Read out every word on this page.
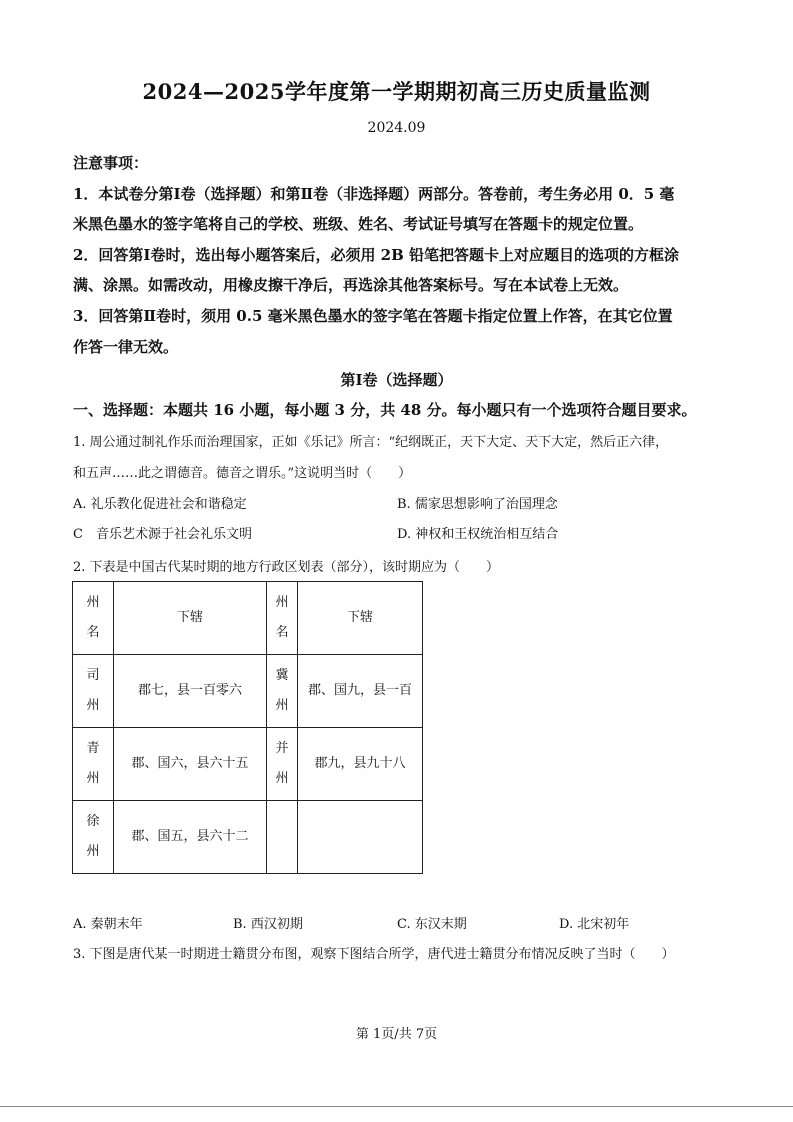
2024—2025学年度第一学期期初高三历史质量监测
2024.09
注意事项：
1．本试卷分第Ⅰ卷（选择题）和第Ⅱ卷（非选择题）两部分。答卷前，考生务必用 0．5 毫
米黑色墨水的签字笔将自己的学校、班级、姓名、考试证号填写在答题卡的规定位置。
2．回答第Ⅰ卷时，选出每小题答案后，必须用 2B 铅笔把答题卡上对应题目的选项的方框涂
满、涂黑。如需改动，用橡皮擦干净后，再选涂其他答案标号。写在本试卷上无效。
3．回答第Ⅱ卷时，须用 0.5 毫米黑色墨水的签字笔在答题卡指定位置上作答，在其它位置
作答一律无效。
第Ⅰ卷（选择题）
一、选择题：本题共 16 小题，每小题 3 分，共 48 分。每小题只有一个选项符合题目要求。
1. 周公通过制礼作乐而治理国家，正如《乐记》所言：“纪纲既正，天下大定、天下大定，然后正六律，
和五声……此之谓德音。德音之谓乐。”这说明当时（　　）
A. 礼乐教化促进社会和谐稳定	B. 儒家思想影响了治国理念
C　音乐艺术源于社会礼乐文明	D. 神权和王权统治相互结合
2. 下表是中国古代某时期的地方行政区划表（部分），该时期应为（　　）
州名	下辖	州名	下辖
司州	郡七，县一百零六	冀州	郡、国九，县一百
青州	郡、国六，县六十五	并州	郡九，县九十八
徐州	郡、国五，县六十二		
A. 秦朝末年	B. 西汉初期	C. 东汉末期	D. 北宋初年
3. 下图是唐代某一时期进士籍贯分布图，观察下图结合所学，唐代进士籍贯分布情况反映了当时（　　）
第 1页/共 7页
